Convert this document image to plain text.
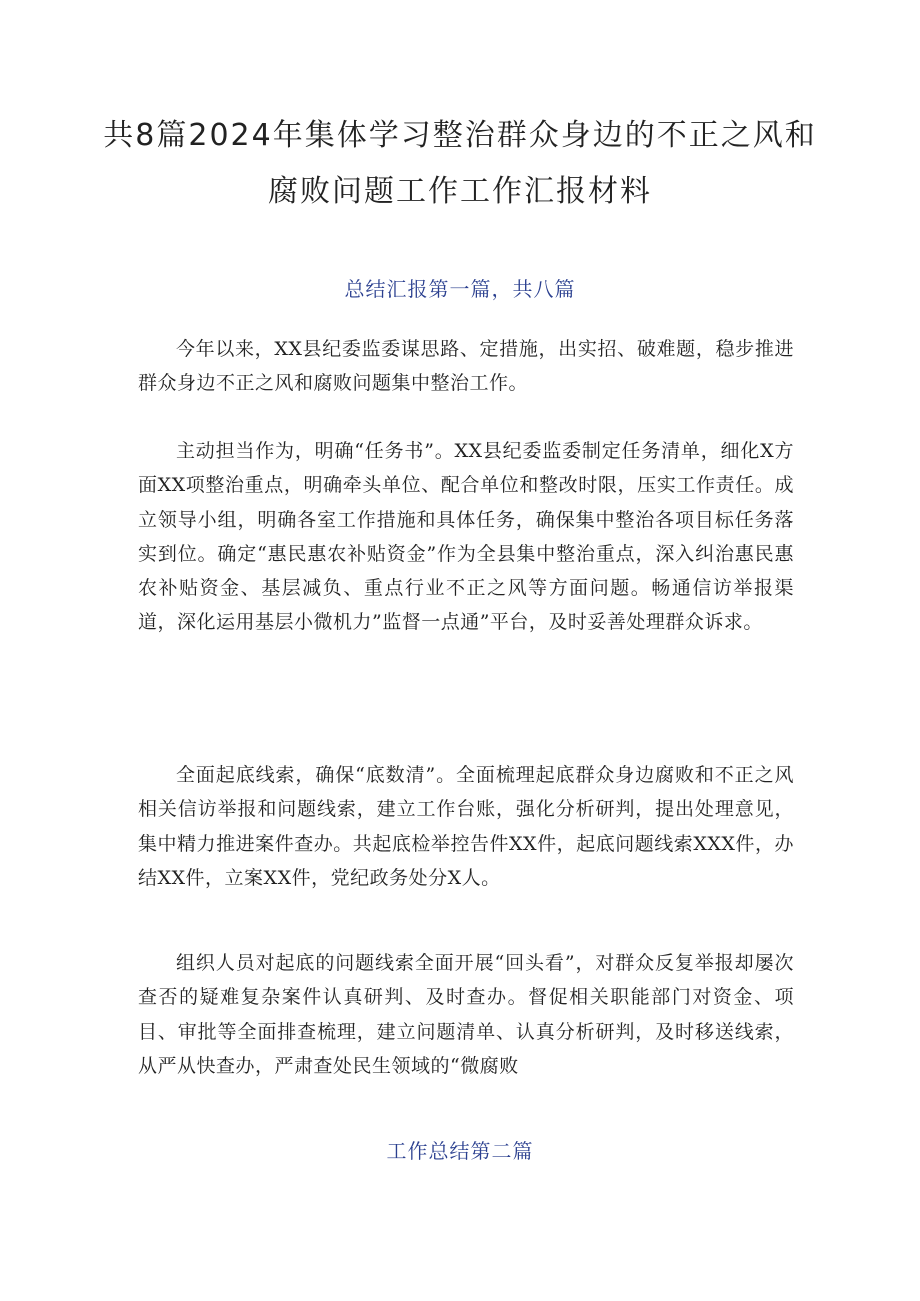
共8篇2024年集体学习整治群众身边的不正之风和腐败问题工作工作汇报材料
总结汇报第一篇，共八篇

今年以来，XX县纪委监委谋思路、定措施，出实招、破难题，稳步推进群众身边不正之风和腐败问题集中整治工作。

主动担当作为，明确“任务书”。XX县纪委监委制定任务清单，细化X方面XX项整治重点，明确牵头单位、配合单位和整改时限，压实工作责任。成立领导小组，明确各室工作措施和具体任务，确保集中整治各项目标任务落实到位。确定“惠民惠农补贴资金”作为全县集中整治重点，深入纠治惠民惠农补贴资金、基层减负、重点行业不正之风等方面问题。畅通信访举报渠道，深化运用基层小微机力”监督一点通”平台，及时妥善处理群众诉求。

全面起底线索，确保“底数清”。全面梳理起底群众身边腐败和不正之风相关信访举报和问题线索，建立工作台账，强化分析研判，提出处理意见，集中精力推进案件查办。共起底检举控告件XX件，起底问题线索XXX件，办结XX件，立案XX件，党纪政务处分X人。

组织人员对起底的问题线索全面开展“回头看”，对群众反复举报却屡次查否的疑难复杂案件认真研判、及时查办。督促相关职能部门对资金、项目、审批等全面排查梳理，建立问题清单、认真分析研判，及时移送线索，从严从快查办，严肃查处民生领域的“微腐败

工作总结第二篇
